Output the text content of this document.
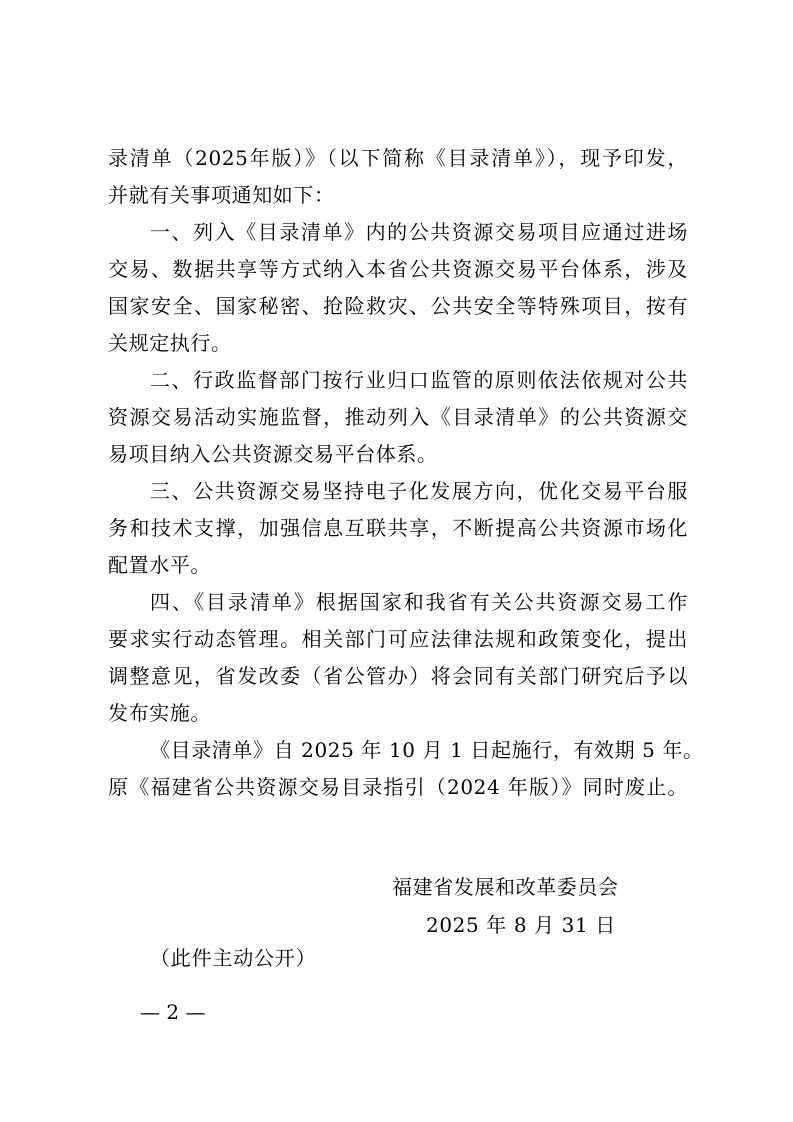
录清单（2025年版）》（以下简称《目录清单》），现予印发，
并就有关事项通知如下：
一、列入《目录清单》内的公共资源交易项目应通过进场
交易、数据共享等方式纳入本省公共资源交易平台体系，涉及
国家安全、国家秘密、抢险救灾、公共安全等特殊项目，按有
关规定执行。
二、行政监督部门按行业归口监管的原则依法依规对公共
资源交易活动实施监督，推动列入《目录清单》的公共资源交
易项目纳入公共资源交易平台体系。
三、公共资源交易坚持电子化发展方向，优化交易平台服
务和技术支撑，加强信息互联共享，不断提高公共资源市场化
配置水平。
四、《目录清单》根据国家和我省有关公共资源交易工作
要求实行动态管理。相关部门可应法律法规和政策变化，提出
调整意见，省发改委（省公管办）将会同有关部门研究后予以
发布实施。
《目录清单》自 2025 年 10 月 1 日起施行，有效期 5 年。
原《福建省公共资源交易目录指引（2024 年版）》同时废止。
福建省发展和改革委员会
2025 年 8 月 31 日
（此件主动公开）
— 2 —
